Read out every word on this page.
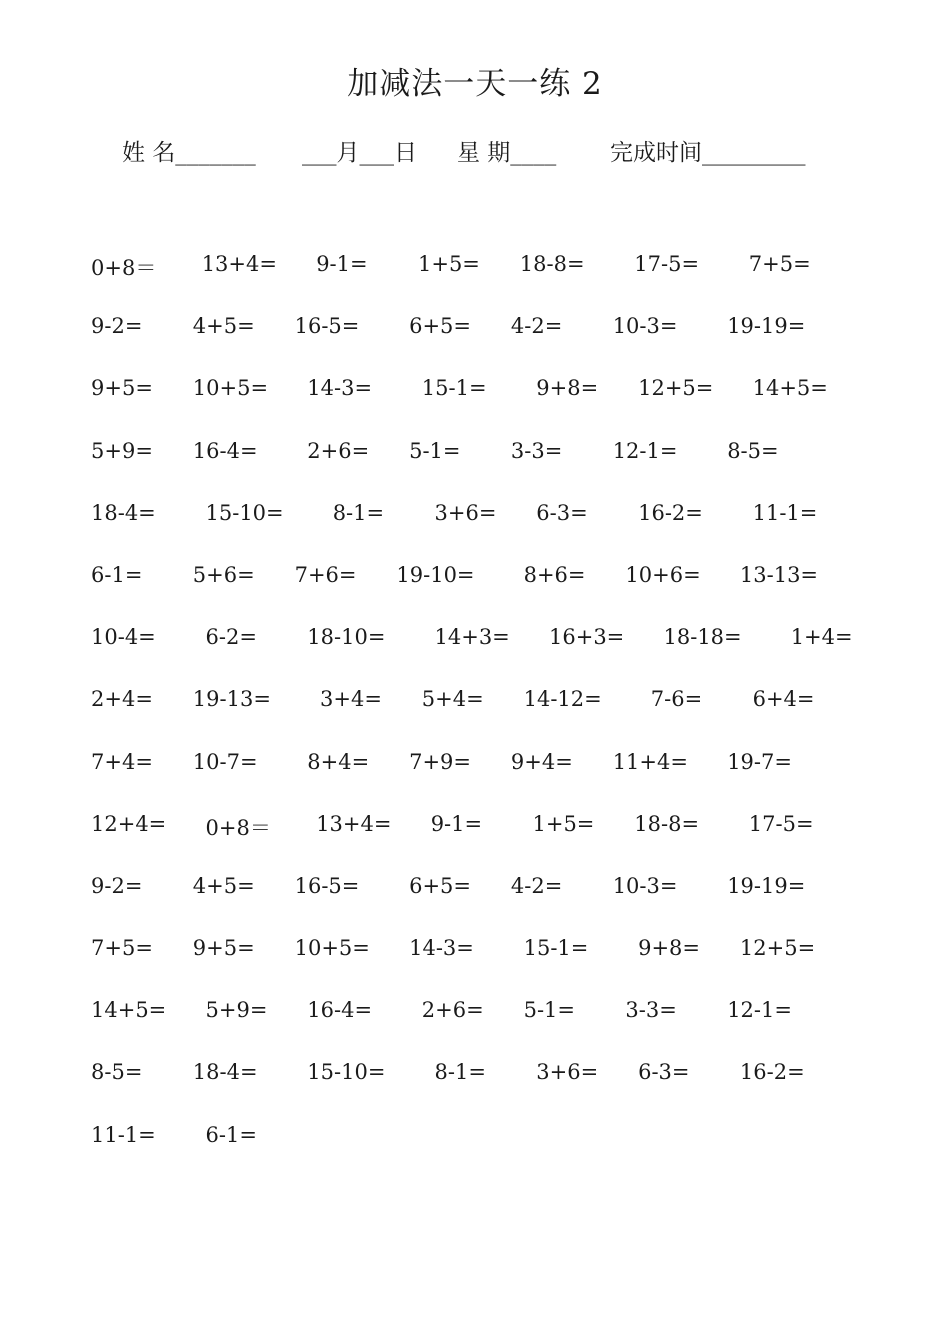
加减法一天一练 2
姓 名_______ ___月___日 星 期____ 完成时间_________
0+8＝ 13+4= 9-1= 1+5= 18-8= 17-5= 7+5=
9-2= 4+5= 16-5= 6+5= 4-2= 10-3= 19-19=
9+5= 10+5= 14-3= 15-1= 9+8= 12+5= 14+5=
5+9= 16-4= 2+6= 5-1= 3-3= 12-1= 8-5=
18-4= 15-10= 8-1= 3+6= 6-3= 16-2= 11-1=
6-1= 5+6= 7+6= 19-10= 8+6= 10+6= 13-13=
10-4= 6-2= 18-10= 14+3= 16+3= 18-18= 1+4=
2+4= 19-13= 3+4= 5+4= 14-12= 7-6= 6+4=
7+4= 10-7= 8+4= 7+9= 9+4= 11+4= 19-7=
12+4= 0+8＝ 13+4= 9-1= 1+5= 18-8= 17-5=
9-2= 4+5= 16-5= 6+5= 4-2= 10-3= 19-19=
7+5= 9+5= 10+5= 14-3= 15-1= 9+8= 12+5=
14+5= 5+9= 16-4= 2+6= 5-1= 3-3= 12-1=
8-5= 18-4= 15-10= 8-1= 3+6= 6-3= 16-2=
11-1= 6-1=
